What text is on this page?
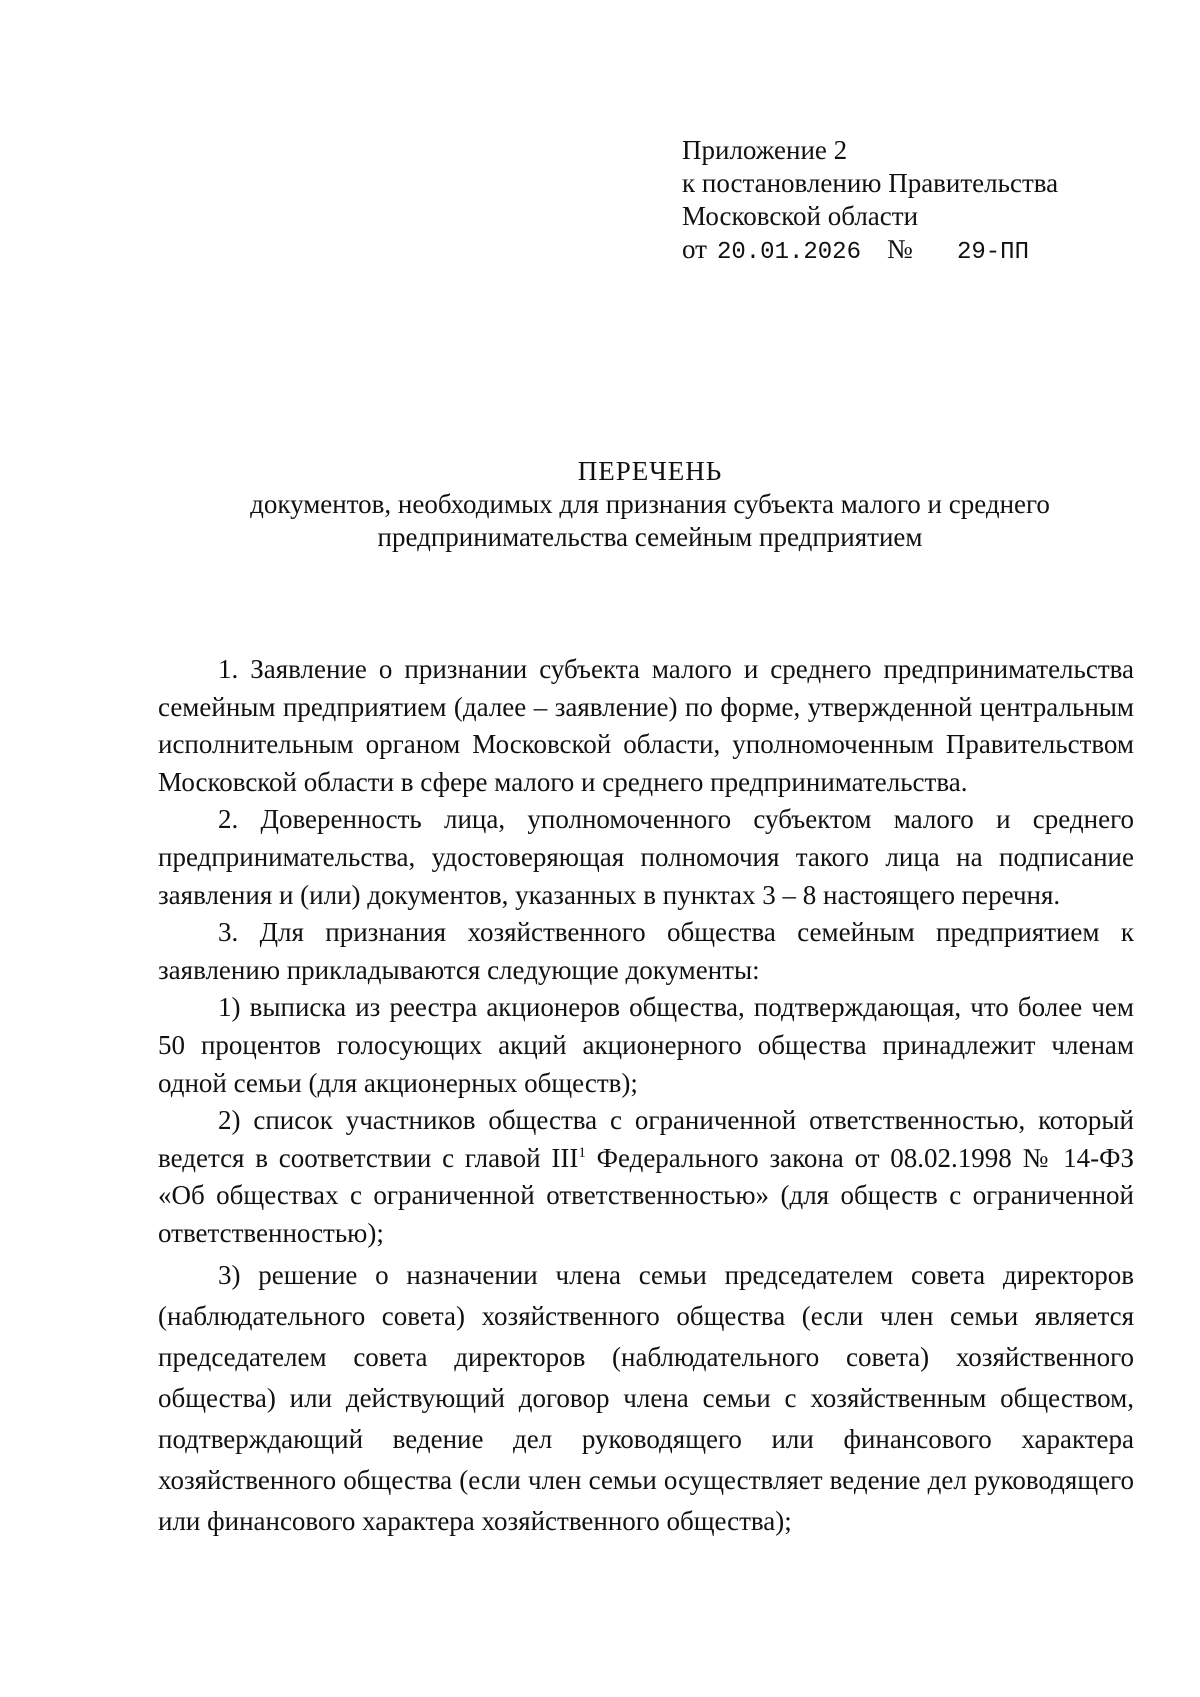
Приложение 2
к постановлению Правительства
Московской области
от 20.01.2026 №	29-ПП
ПЕРЕЧЕНЬ
документов, необходимых для признания субъекта малого и среднего
предпринимательства семейным предприятием

1. Заявление о признании субъекта малого и среднего предпринимательства семейным предприятием (далее – заявление) по форме, утвержденной центральным исполнительным органом Московской области, уполномоченным Правительством Московской области в сфере малого и среднего предпринимательства.

2. Доверенность лица, уполномоченного субъектом малого и среднего предпринимательства, удостоверяющая полномочия такого лица на подписание заявления и (или) документов, указанных в пунктах 3 – 8 настоящего перечня.

3. Для признания хозяйственного общества семейным предприятием к заявлению прикладываются следующие документы:

1) выписка из реестра акционеров общества, подтверждающая, что более чем 50 процентов голосующих акций акционерного общества принадлежит членам одной семьи (для акционерных обществ);

2) список участников общества с ограниченной ответственностью, который ведется в соответствии с главой III$^1$ Федерального закона от 08.02.1998 № 14-ФЗ «Об обществах с ограниченной ответственностью» (для обществ с ограниченной ответственностью);

3) решение о назначении члена семьи председателем совета директоров (наблюдательного совета) хозяйственного общества (если член семьи является председателем совета директоров (наблюдательного совета) хозяйственного общества) или действующий договор члена семьи с хозяйственным обществом, подтверждающий ведение дел руководящего или финансового характера хозяйственного общества (если член семьи осуществляет ведение дел руководящего или финансового характера хозяйственного общества);
